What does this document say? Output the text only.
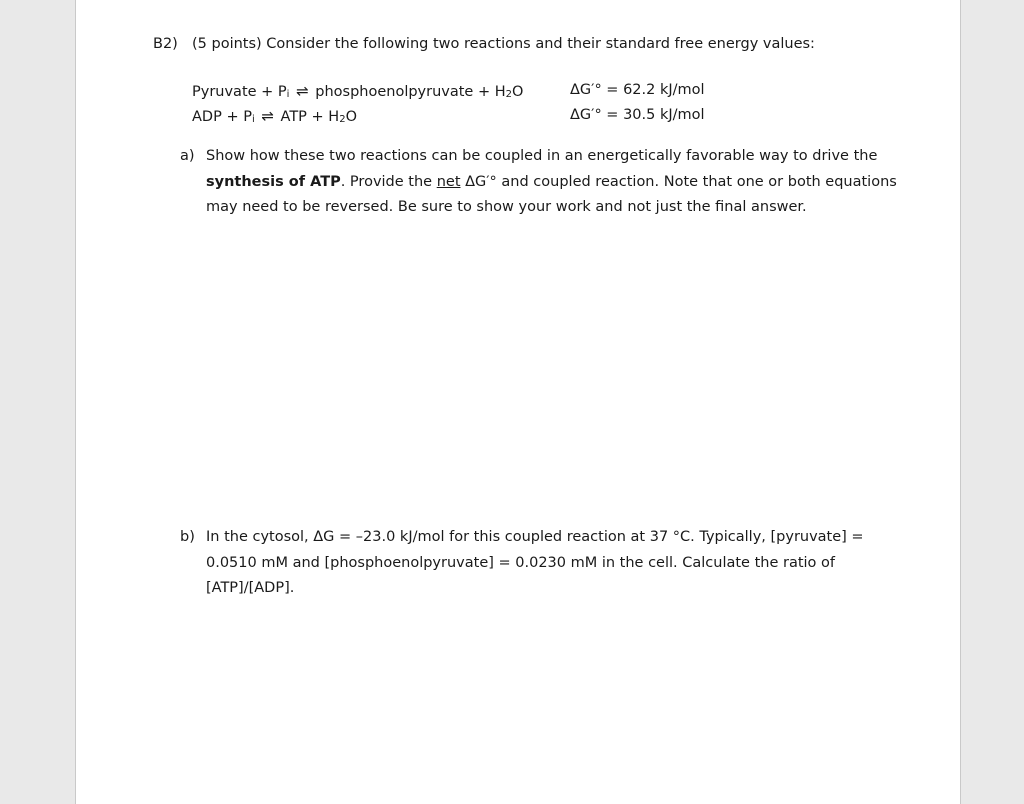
B2) (5 points) Consider the following two reactions and their standard free energy values:
Pyruvate + Pi ⇌ phosphoenolpyruvate + H2O	ΔG′° = 62.2 kJ/mol
ADP + Pi ⇌ ATP + H2O	ΔG′° = 30.5 kJ/mol
a) Show how these two reactions can be coupled in an energetically favorable way to drive the
synthesis of ATP. Provide the net ΔG′° and coupled reaction. Note that one or both equations
may need to be reversed. Be sure to show your work and not just the final answer.
b) In the cytosol, ΔG = –23.0 kJ/mol for this coupled reaction at 37 °C. Typically, [pyruvate] =
0.0510 mM and [phosphoenolpyruvate] = 0.0230 mM in the cell. Calculate the ratio of
[ATP]/[ADP].
